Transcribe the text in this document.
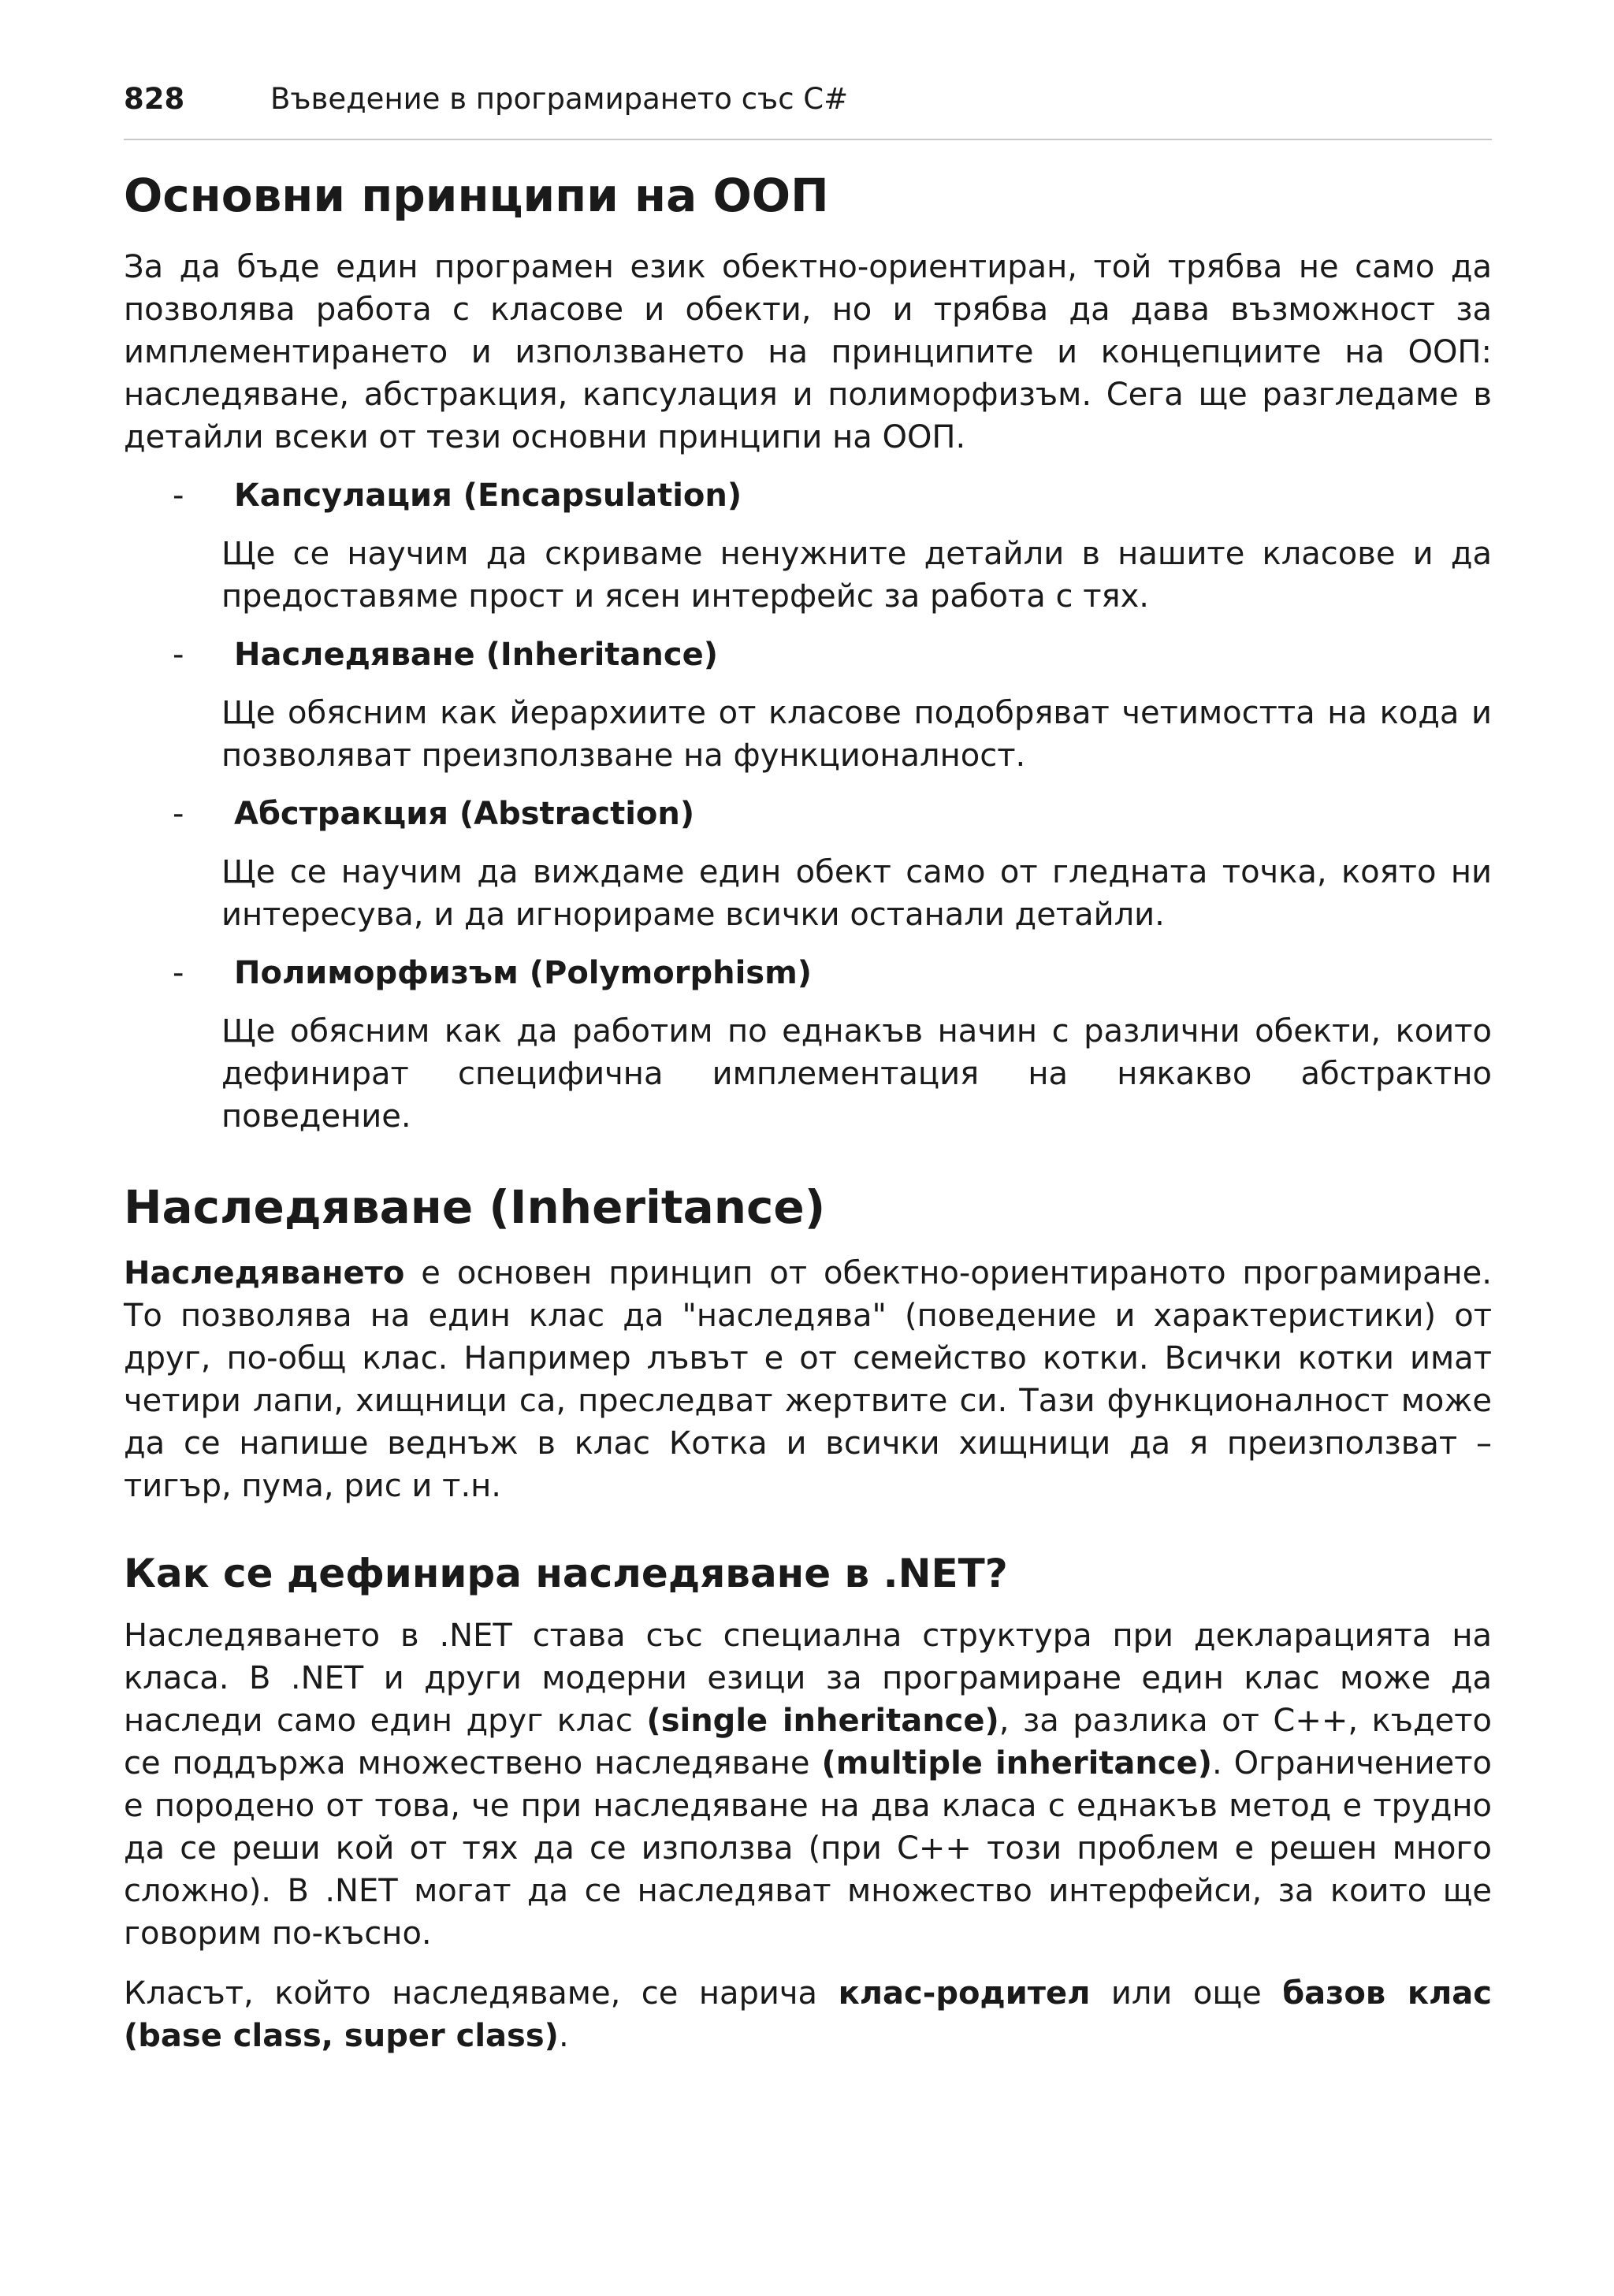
828	Въведение в програмирането със C#
Основни принципи на ООП

За да бъде един програмен език обектно-ориентиран, той трябва не само да позволява работа с класове и обекти, но и трябва да дава възможност за имплементирането и използването на принципите и концепциите на ООП: наследяване, абстракция, капсулация и полиморфизъм. Сега ще разгледаме в детайли всеки от тези основни принципи на ООП.

- Капсулация (Encapsulation)
Ще се научим да скриваме ненужните детайли в нашите класове и да предоставяме прост и ясен интерфейс за работа с тях.
- Наследяване (Inheritance)
Ще обясним как йерархиите от класове подобряват четимостта на кода и позволяват преизползване на функционалност.
- Абстракция (Abstraction)
Ще се научим да виждаме един обект само от гледната точка, която ни интересува, и да игнорираме всички останали детайли.
- Полиморфизъм (Polymorphism)
Ще обясним как да работим по еднакъв начин с различни обекти, които дефинират специфична имплементация на някакво абстрактно поведение.
Наследяване (Inheritance)

Наследяването е основен принцип от обектно-ориентираното програмиране. То позволява на един клас да "наследява" (поведение и характеристики) от друг, по-общ клас. Например лъвът е от семейство котки. Всички котки имат четири лапи, хищници са, преследват жертвите си. Тази функционалност може да се напише веднъж в клас Котка и всички хищници да я преизползват – тигър, пума, рис и т.н.

Как се дефинира наследяване в .NET?

Наследяването в .NET става със специална структура при декларацията на класа. В .NET и други модерни езици за програмиране един клас може да наследи само един друг клас (single inheritance), за разлика от C++, където се поддържа множествено наследяване (multiple inheritance). Ограничението е породено от това, че при наследяване на два класа с еднакъв метод е трудно да се реши кой от тях да се използва (при C++ този проблем е решен много сложно). В .NET могат да се наследяват множество интерфейси, за които ще говорим по-късно.

Класът, който наследяваме, се нарича клас-родител или още базов клас (base class, super class).
